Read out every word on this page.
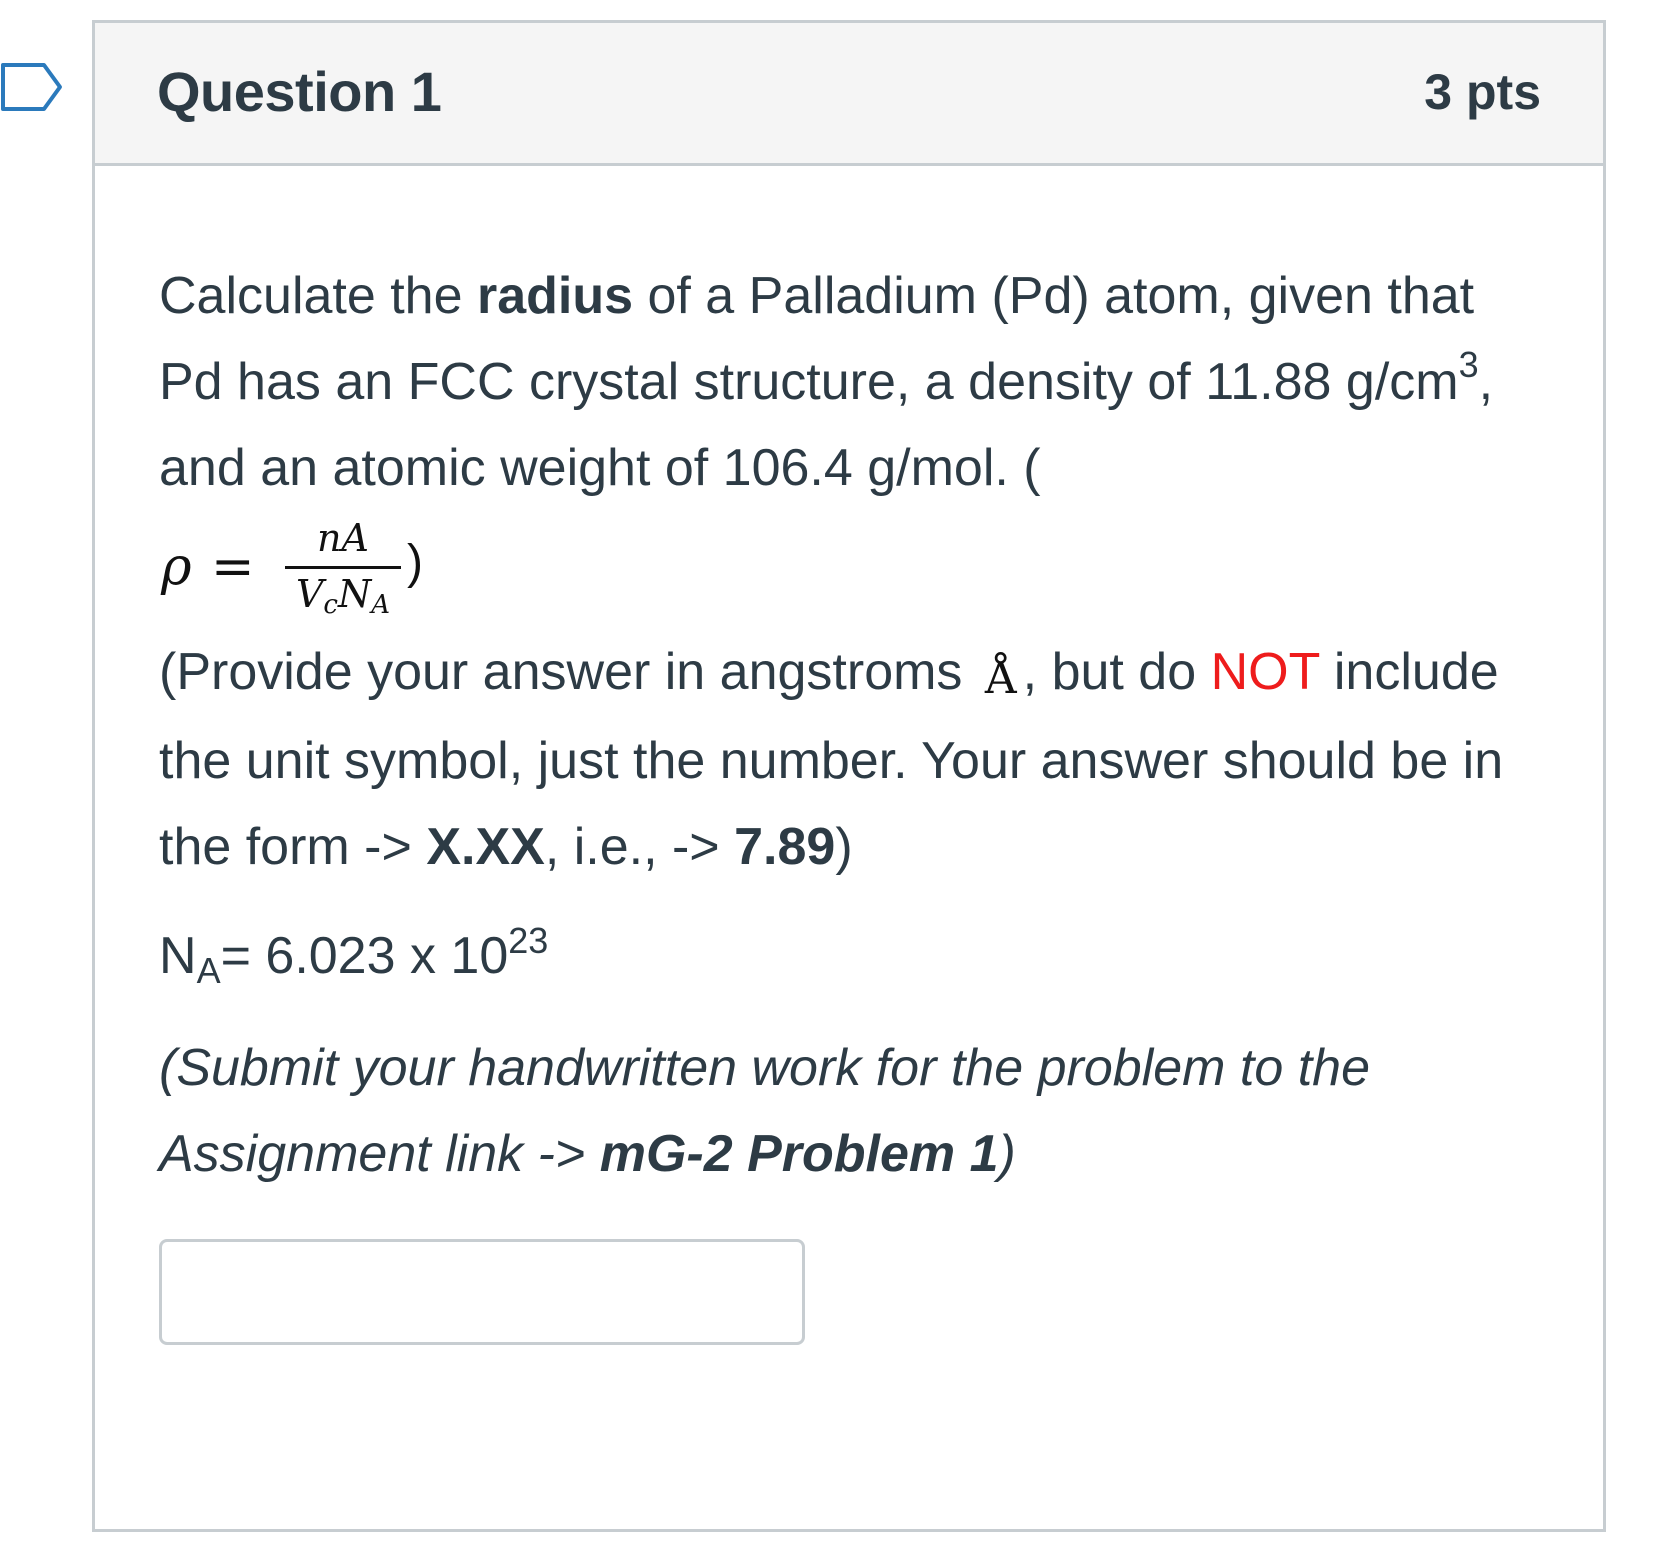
Question 1	3 pts

Calculate the radius of a Palladium (Pd) atom, given that Pd has an FCC crystal structure, a density of 11.88 $g/cm^3$, and an atomic weight of 106.4 g/mol. (

ρ =	nA
$V_cN_A$
)

(Provide your answer in angstroms Å , but do NOT include the unit symbol, just the number. Your answer should be in the form -> X.XX, i.e., -> 7.89)

$N_A= 6.023$ x $10^{23}$

(Submit your handwritten work for the problem to the Assignment link -> mG-2 Problem 1)
